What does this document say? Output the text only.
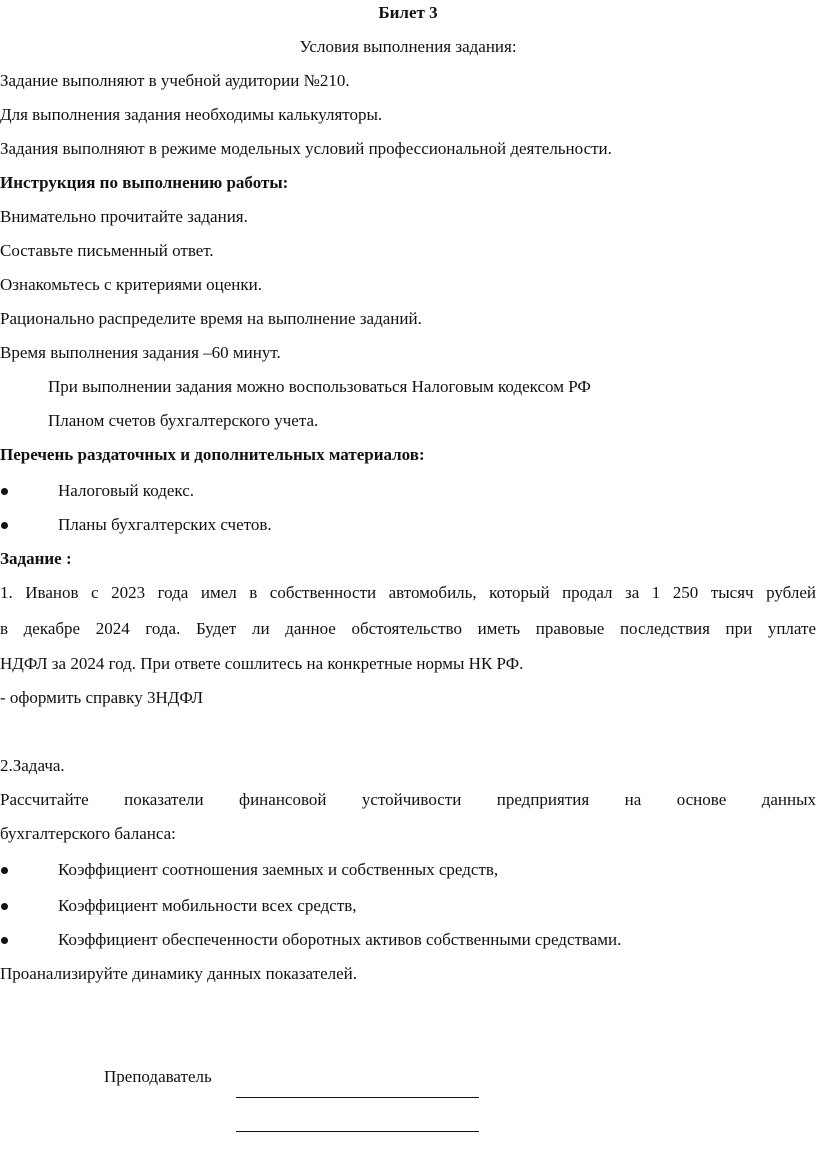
Билет 3
Условия выполнения задания:
Задание выполняют в учебной аудитории №210.
Для выполнения задания необходимы калькуляторы.
Задания выполняют в режиме модельных условий профессиональной деятельности.
Инструкция по выполнению работы:
Внимательно прочитайте задания.
Составьте письменный ответ.
Ознакомьтесь с критериями оценки.
Рационально распределите время на выполнение заданий.
Время выполнения задания –60 минут.
При выполнении задания можно воспользоваться Налоговым кодексом РФ
Планом счетов бухгалтерского учета.
Перечень раздаточных и дополнительных материалов:
Налоговый кодекс.
Планы бухгалтерских счетов.
Задание :
1. Иванов с 2023 года имел в собственности автомобиль, который продал за 1 250 тысяч рублей
в декабре 2024 года. Будет ли данное обстоятельство иметь правовые последствия при уплате
НДФЛ за 2024 год. При ответе сошлитесь на конкретные нормы НК РФ.
- оформить справку 3НДФЛ
2.Задача.
Рассчитайте показатели финансовой устойчивости предприятия на основе данных
бухгалтерского баланса:
Коэффициент соотношения заемных и собственных средств,
Коэффициент мобильности всех средств,
Коэффициент обеспеченности оборотных активов собственными средствами.
Проанализируйте динамику данных показателей.
Преподаватель
